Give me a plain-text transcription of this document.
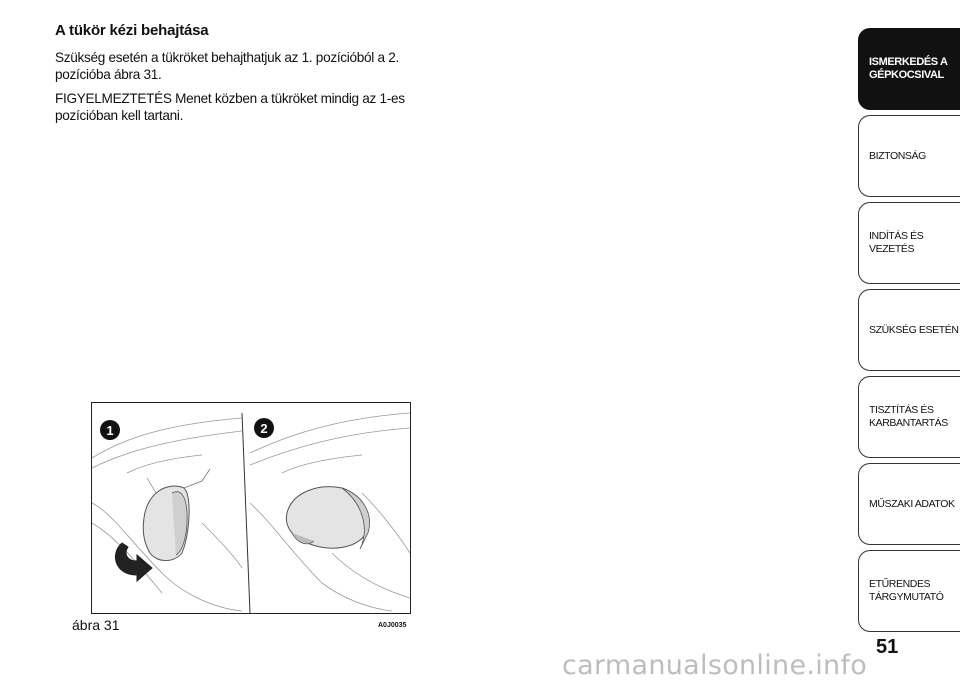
A tükör kézi behajtása

Szükség esetén a tükröket behajthatjuk az 1. pozícióból a 2. pozícióba ábra 31.

FIGYELMEZTETÉS Menet közben a tükröket mindig az 1-es pozícióban kell tartani.

1	2
ábra 31	A0J0035
ISMERKEDÉS A GÉPKOCSIVAL
BIZTONSÁG
INDÍTÁS ÉS VEZETÉS
SZÜKSÉG ESETÉN
TISZTÍTÁS ÉS KARBANTARTÁS
MŰSZAKI ADATOK
ETŰRENDES TÁRGYMUTATÓ
51
carmanualsonline.info
